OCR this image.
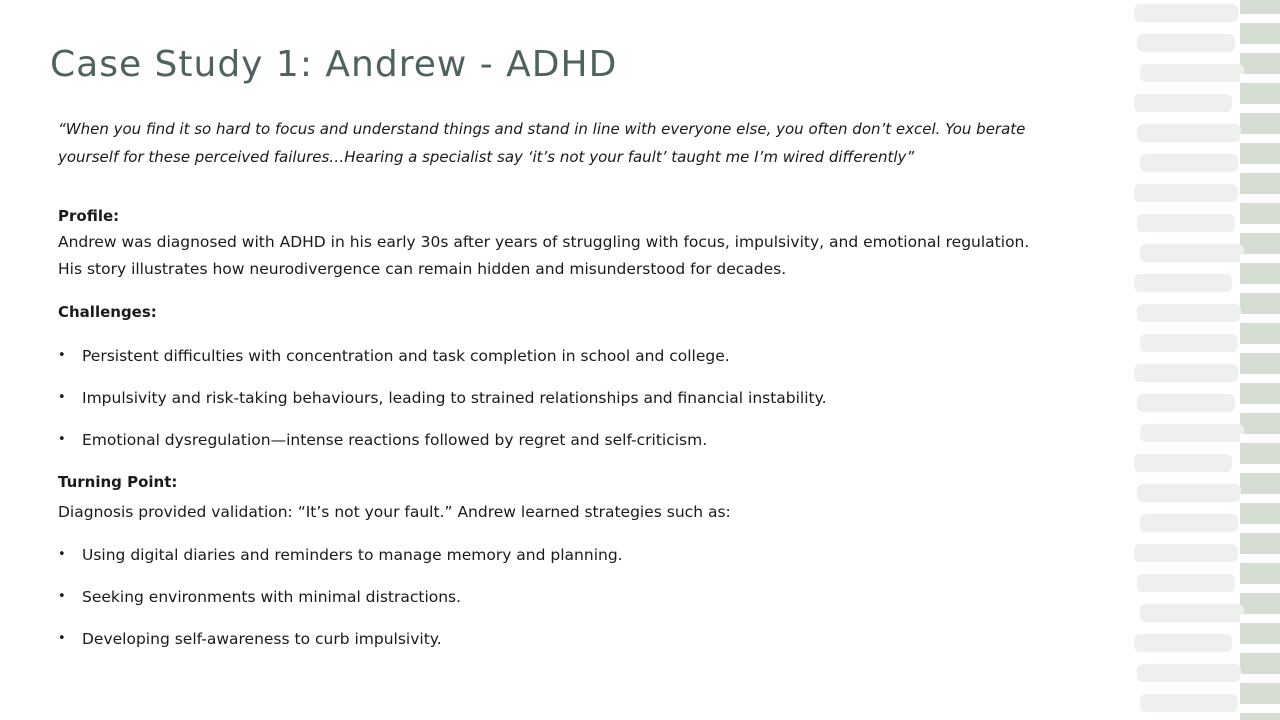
Case Study 1: Andrew - ADHD

“When you find it so hard to focus and understand things and stand in line with everyone else, you often don’t excel. You berate yourself for these perceived failures…Hearing a specialist say ‘it’s not your fault’ taught me I’m wired differently”

Profile:

Andrew was diagnosed with ADHD in his early 30s after years of struggling with focus, impulsivity, and emotional regulation. His story illustrates how neurodivergence can remain hidden and misunderstood for decades.

Challenges:

• Persistent difficulties with concentration and task completion in school and college.
• Impulsivity and risk-taking behaviours, leading to strained relationships and financial instability.
• Emotional dysregulation—intense reactions followed by regret and self-criticism.

Turning Point:

Diagnosis provided validation: “It’s not your fault.” Andrew learned strategies such as:

• Using digital diaries and reminders to manage memory and planning.
• Seeking environments with minimal distractions.
• Developing self-awareness to curb impulsivity.
